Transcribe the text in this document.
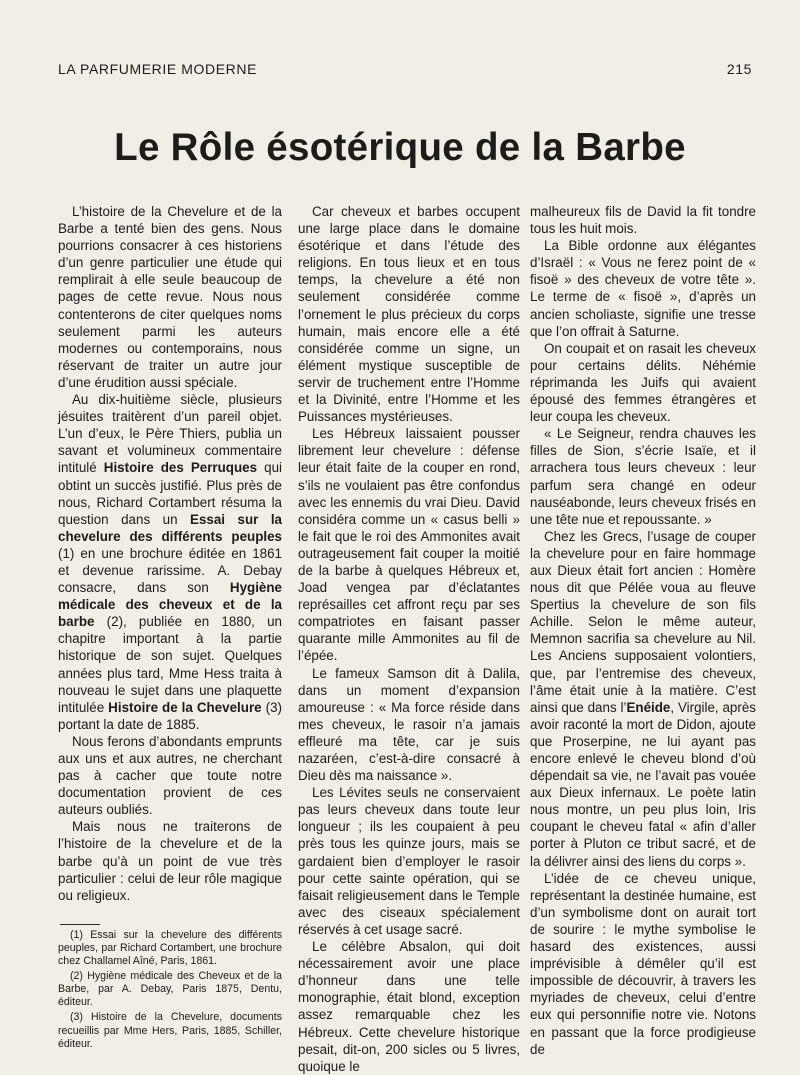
LA PARFUMERIE MODERNE	215
Le Rôle ésotérique de la Barbe

L’histoire de la Chevelure et de la Barbe a tenté bien des gens. Nous pourrions consacrer à ces historiens d’un genre particulier une étude qui remplirait à elle seule beaucoup de pages de cette revue. Nous nous contenterons de citer quelques noms seulement parmi les auteurs modernes ou contemporains, nous réservant de traiter un autre jour d’une érudition aussi spéciale.

Au dix-huitième siècle, plusieurs jésuites traitèrent d’un pareil objet. L’un d’eux, le Père Thiers, publia un savant et volumineux commentaire intitulé Histoire des Perruques qui obtint un succès justifié. Plus près de nous, Richard Cortambert résuma la question dans un Essai sur la chevelure des différents peuples (1) en une brochure éditée en 1861 et devenue rarissime. A. Debay consacre, dans son Hygiène médicale des cheveux et de la barbe (2), publiée en 1880, un chapitre important à la partie historique de son sujet. Quelques années plus tard, Mme Hess traita à nouveau le sujet dans une plaquette intitulée Histoire de la Chevelure (3) portant la date de 1885.

Nous ferons d’abondants emprunts aux uns et aux autres, ne cherchant pas à cacher que toute notre documentation provient de ces auteurs oubliés.

Mais nous ne traiterons de l’histoire de la chevelure et de la barbe qu’à un point de vue très particulier : celui de leur rôle magique ou religieux.

(1) Essai sur la chevelure des différents peuples, par Richard Cortambert, une brochure chez Challamel Aîné, Paris, 1861.

(2) Hygiène médicale des Cheveux et de la Barbe, par A. Debay, Paris 1875, Dentu, éditeur.

(3) Histoire de la Chevelure, documents recueillis par Mme Hers, Paris, 1885, Schiller, éditeur.

Car cheveux et barbes occupent une large place dans le domaine ésotérique et dans l’étude des religions. En tous lieux et en tous temps, la chevelure a été non seulement considérée comme l’ornement le plus précieux du corps humain, mais encore elle a été considérée comme un signe, un élément mystique susceptible de servir de truchement entre l’Homme et la Divinité, entre l’Homme et les Puissances mystérieuses.

Les Hébreux laissaient pousser librement leur chevelure : défense leur était faite de la couper en rond, s’ils ne voulaient pas être confondus avec les ennemis du vrai Dieu. David considéra comme un « casus belli » le fait que le roi des Ammonites avait outrageusement fait couper la moitié de la barbe à quelques Hébreux et, Joad vengea par d’éclatantes représailles cet affront reçu par ses compatriotes en faisant passer quarante mille Ammonites au fil de l’épée.

Le fameux Samson dit à Dalila, dans un moment d’expansion amoureuse : « Ma force réside dans mes cheveux, le rasoir n’a jamais effleuré ma tête, car je suis nazaréen, c’est-à-dire consacré à Dieu dès ma naissance ».

Les Lévites seuls ne conservaient pas leurs cheveux dans toute leur longueur ; ils les coupaient à peu près tous les quinze jours, mais se gardaient bien d’employer le rasoir pour cette sainte opération, qui se faisait religieusement dans le Temple avec des ciseaux spécialement réservés à cet usage sacré.

Le célèbre Absalon, qui doit nécessairement avoir une place d’honneur dans une telle monographie, était blond, exception assez remarquable chez les Hébreux. Cette chevelure historique pesait, dit-on, 200 sicles ou 5 livres, quoique le

malheureux fils de David la fit tondre tous les huit mois.

La Bible ordonne aux élégantes d’Israël : « Vous ne ferez point de « fisoë » des cheveux de votre tête ». Le terme de « fisoë », d’après un ancien scholiaste, signifie une tresse que l’on offrait à Saturne.

On coupait et on rasait les cheveux pour certains délits. Néhémie réprimanda les Juifs qui avaient épousé des femmes étrangères et leur coupa les cheveux.

« Le Seigneur, rendra chauves les filles de Sion, s’écrie Isaïe, et il arrachera tous leurs cheveux : leur parfum sera changé en odeur nauséabonde, leurs cheveux frisés en une tête nue et repoussante. »

Chez les Grecs, l’usage de couper la chevelure pour en faire hommage aux Dieux était fort ancien : Homère nous dit que Pélée voua au fleuve Spertius la chevelure de son fils Achille. Selon le même auteur, Memnon sacrifia sa chevelure au Nil. Les Anciens supposaient volontiers, que, par l’entremise des cheveux, l’âme était unie à la matière. C’est ainsi que dans l’Enéide, Virgile, après avoir raconté la mort de Didon, ajoute que Proserpine, ne lui ayant pas encore enlevé le cheveu blond d’où dépendait sa vie, ne l’avait pas vouée aux Dieux infernaux. Le poète latin nous montre, un peu plus loin, Iris coupant le cheveu fatal « afin d’aller porter à Pluton ce tribut sacré, et de la délivrer ainsi des liens du corps ».

L’idée de ce cheveu unique, représentant la destinée humaine, est d’un symbolisme dont on aurait tort de sourire : le mythe symbolise le hasard des existences, aussi imprévisible à démêler qu’il est impossible de découvrir, à travers les myriades de cheveux, celui d’entre eux qui personnifie notre vie. Notons en passant que la force prodigieuse de
